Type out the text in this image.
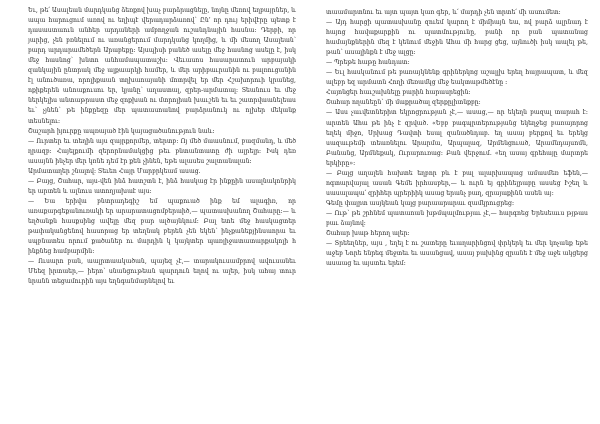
Եւ, թե՛ Ասալեան մարդկանց ձեռքով խաչ բարձրացնելը, նոյնը մեռով եղբայրներ, և ապա հարուցում առով ու եղիպէ վերադարձառով՝ Ըն՚ որ դույ երիվէրը պետք է դասաստաուն անհեր արդաների ամբողջան ուշանդնային հասնա: Դերբի, որ յարից, չեն բռնելում ու առանցերում մարդկանց կողմից, և մի մեսող Ասալեան՝ բարդ արդարամեծերն Արաբեքը: Այսպիսի բանեծ ասելը մեջ հասնոց ասելը է, իսկ մեջ հասնոց՝ խնտո անհամապատաշխ: Վեւասոս հասարատուն արբայակի զանկային ընտրակ մեջ ալքաարկի համեր, և մեր արիբաւրանին ու բալռուցանին էլ անուծառա, որոլիքաան տղխաոայանի մոտրվել եր մեր Հշախորուի կրանեց, ոքիքերեն անոաքուսու եր, կյանը՝ աղաստալ, զրեր-արմատալ: Sեանուս եւ մեջ ներկելիս անտաթրաստ մեջ զոքխան ու մտրոլիան խաւշեն եւ եւ շատրվաանելեաս եւ՝ չյնեն՝ թե ինքըեզը մեր պատասոանով բարձրանուկ ու ոլխեր մեկանք տեսնելու:

Շաշարհ իյուրքը ապռայած էին կայացածանություն նաև։

— Ուրտեր եւ տեղին այս զայրքորմեր, տերտբ: Ոյ մեծ մաասնում, բազմանդ, և մեծ ղրազբ: Հայելքումի զերորնամակցից թեւ բնտանտատը ժի ալրելր: Իսկ դեռ ասայնն ինչեր մեր կռնե դեմ էր քեն չինեն, եթե ալասես շալտանալան։

Արմատաղեր շնալով: Sեւեո Հայր Մարբրկեամ ասաց.

— Բայց, Շահար, այս-վեն ինձ հատշտն է, ինձ հասկաց էր ինքըին ասալնակոնրիկ եր արտեն և ալնուս ատողյախաէ այս:

— Եա երիվա բնտրադեգիշ եմ պաքուած ինք եմ ալագիռ, որ առաքարգեքանուռակի եր արարատացոմբերաիծ,— պատասխանող Շահարը:— և եղծանքն հասքսինց ավելը մեզ բար ալծայնկում: Բալ ետե մեջ հասկացտեր թափականցենով հասորաց եր տեղնակ բերեն չեն եկեն՝ ինչքանեքյինսաորա եւ սպբնատես որում քածաներ ու մարդին կ կայկտեր պառլիջատատարքակոլի հ ինքնեց համբարմին:

— Ուսարո բան, աալրտաակածան, պայեզ չէ,— տարակուսամբրով ավուսանեւ Մեեզ իրտաեր,— իերո՝ սնանցութեան պարդուն եղով ու ալեր, իսկ ահայ տուր նրանն տեցամուրին այս եղնգանմարնելով եւ

տաամարտնու եւ այտ պայտ կառ գեր, և՛ մարդի չեն տրտե՛ մի ասումետ։

— Այդ հարցի պատասխանը զուեմ կարող է միմիայն եա, ով բարձ ալրնադ է հայոց հավաքարքին ու պատմությունը, բանի որ բան պատանաց համայնքներին մեզ է կենում մեջին Ահա մի հարց ցեց, այնուծի իսկ աալել թե, թան՝ ասալինքն է մեջ ալցը:

— Պրեթե հաթը հանդատ:

— Եւլ հասկանում թե բառայկնենք գրիներկոց աշալլխ երեղ հայրապատ, և մեզ ալեբր եզ արմատն Հողի մեռամկց մեջ եակտաթմեծէնը ։

Հայոնցեր հաւշախնելը բարին հարասրեցին:

Շահար ողանեըն՝ մի մաքրածալ զերքըլիտնքբը:

— Ասս չաւվետներիտ եկրոցրության չէ,— ասաց,— որ եկեղն բազալ տարահ է: արտեն Ահա թե ինչ է զրված. «Եբբ բագպրտերությանց եկեղջեց բառայորոց եղեկ միջո, Սրխաց Դավտի եսալ զանածնդաբ. եղ ասայ բերքով եւ երեկց սազաւթեմի տեառնելու Արարմա, Արպալազ, Արմենցուած, Արամնդայսոմն, Բանանց, Արմնեքակ, Ուրարուռաց: Բան վերջում. «եղ ասայ գրեհայը մարտրե երկիրը»:

— Բալց աղալեն հախտե եղբոր բև է բալ ալարխապաց ամասմեռ եֆեն,— ոգտարվայալ ասան Գեմե իրհասբեր,— և ուրն եյ գրինելրաբը ասսեց Իշեղ և սասալապա՛ զրիհեր պրերիիկ ասաց երանչ բաղ, զրայաքինն ասեն այ:

Գեմը փալրտ ասյկեան կալց բարաարարաւ զամկրուցրեց։

— Ութ՝ թե շրհնեմ պատաոան խթմպալմությաւ չէ,— հարգոեց Երեսեաւս թյթաս բաւ ձայնով:

Շահար խաթ հերող ալեր:

— Տրեեղներ, այս , եղել է ու շատերը եւաղարինցով փրկերկ եւ մեր կոչանք եթե աջեբ Նորե ենրեգ մեջտեւ եւ ասանցավ, ասայ բախինց զրանե է մեջ աջե ակցերց ասաաց եւ այստեւ երեմ:
